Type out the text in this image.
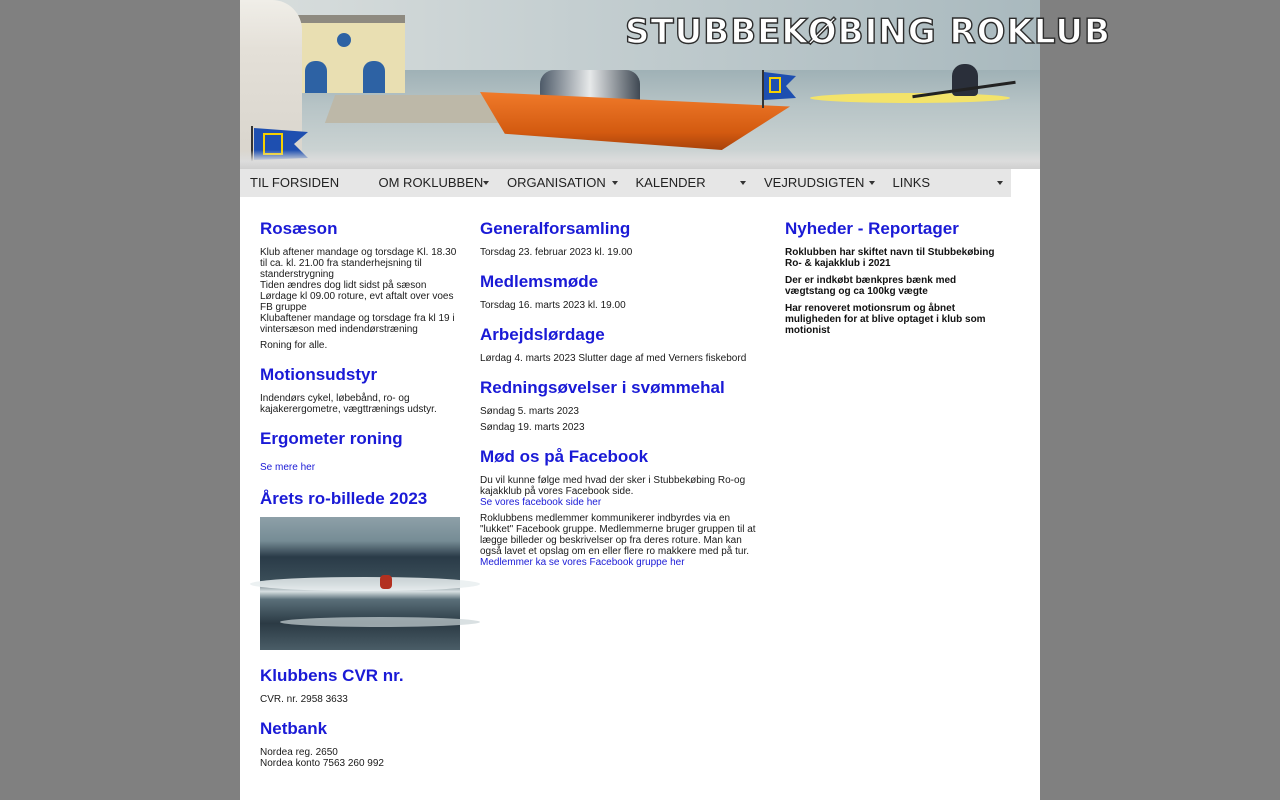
STUBBEKØBING ROKLUB
TIL FORSIDEN	OM ROKLUBBEN	ORGANISATION	KALENDER	VEJRUDSIGTEN	LINKS
Rosæson

Klub aftener mandage og torsdage Kl. 18.30 til ca. kl. 21.00 fra standerhejsning til standerstrygning
Tiden ændres dog lidt sidst på sæson
Lørdage kl 09.00 roture, evt aftalt over voes FB gruppe
Klubaftener mandage og torsdage fra kl 19 i vintersæson med indendørstræning

Roning for alle.

Motionsudstyr

Indendørs cykel, løbebånd, ro- og kajakerergometre, vægttrænings udstyr.

Ergometer roning
Se mere her
Årets ro-billede 2023
Klubbens CVR nr.

CVR. nr. 2958 3633

Netbank

Nordea reg. 2650
Nordea konto 7563 260 992

Generalforsamling

Torsdag 23. februar 2023 kl. 19.00

Medlemsmøde

Torsdag 16. marts 2023 kl. 19.00

Arbejdslørdage

Lørdag 4. marts 2023 Slutter dage af med Verners fiskebord

Redningsøvelser i svømmehal

Søndag 5. marts 2023

Søndag 19. marts 2023

Mød os på Facebook

Du vil kunne følge med hvad der sker i Stubbekøbing Ro-og kajakklub på vores Facebook side.
Se vores facebook side her

Roklubbens medlemmer kommunikerer indbyrdes via en "lukket" Facebook gruppe. Medlemmerne bruger gruppen til at lægge billeder og beskrivelser op fra deres roture. Man kan også lavet et opslag om en eller flere ro makkere med på tur.
Medlemmer ka se vores Facebook gruppe her

Nyheder - Reportager

Roklubben har skiftet navn til Stubbekøbing Ro- & kajakklub i 2021

Der er indkøbt bænkpres bænk med vægtstang og ca 100kg vægte

Har renoveret motionsrum og åbnet muligheden for at blive optaget i klub som motionist
